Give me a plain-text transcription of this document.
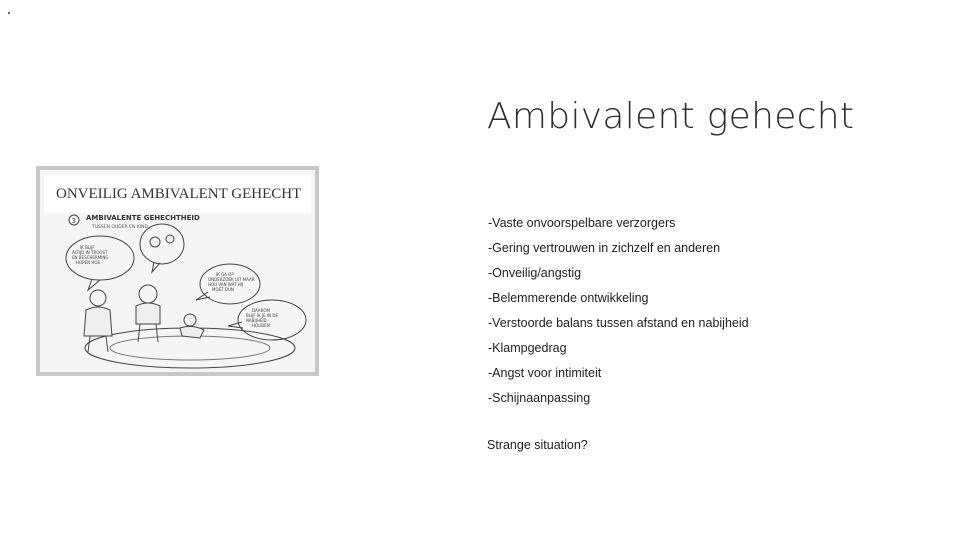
Ambivalent gehecht
-Vaste onvoorspelbare verzorgers
-Gering vertrouwen in zichzelf en anderen
-Onveilig/angstig
-Belemmerende ontwikkeling
-Verstoorde balans tussen afstand en nabijheid
-Klampgedrag
-Angst voor intimiteit
-Schijnaanpassing
Strange situation?
ONVEILIG AMBIVALENT GEHECHT
3 AMBIVALENTE GEHECHTHEID
TUSSEN OUDER EN KIND
IK BLIJF ALTIJD IN TROOST EN BESCHERMING HOPEN HOE
IK GA OP ONDERZOEK UIT MAAR HOU VAN WAT HIJ MOET DUN
DAAROM BLIJF IK JE IN DE NABIJHEID HOUDEN
.
